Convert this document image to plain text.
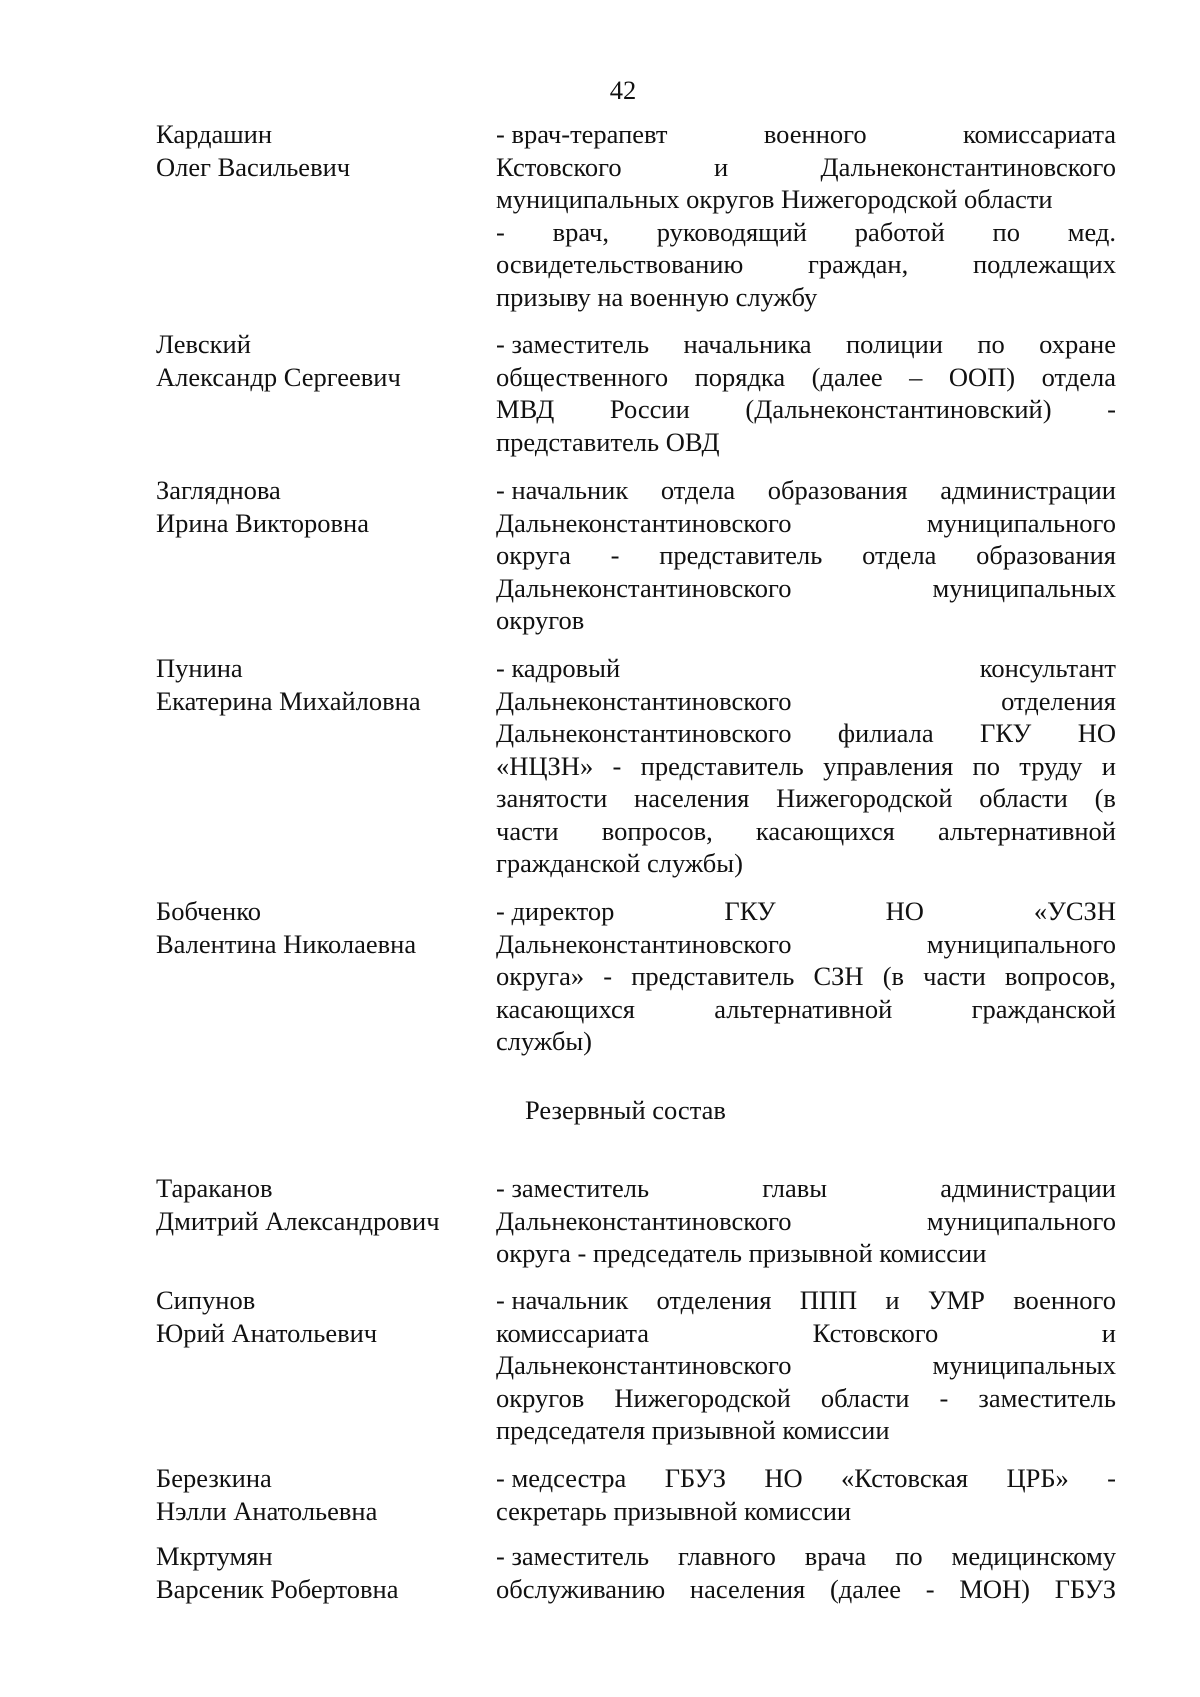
42
Кардашин
Олег Васильевич
- врач-терапевт	военного	комиссариата
Кстовского	и	Дальнеконстантиновского
муниципальных округов Нижегородской области
- врач, руководящий работой по мед.
освидетельствованию граждан, подлежащих
призыву на военную службу
Левский
Александр Сергеевич
- заместитель начальника полиции по охране
общественного порядка (далее – ООП) отдела
МВД России (Дальнеконстантиновский) -
представитель ОВД
Загляднова
Ирина Викторовна
- начальник отдела образования администрации
Дальнеконстантиновского	муниципального
округа - представитель отдела образования
Дальнеконстантиновского	муниципальных
округов
Пунина
Екатерина Михайловна
- кадровый	консультант
Дальнеконстантиновского	отделения
Дальнеконстантиновского филиала ГКУ НО
«НЦЗН» - представитель управления по труду и
занятости населения Нижегородской области (в
части вопросов, касающихся альтернативной
гражданской службы)
Бобченко
Валентина Николаевна
- директор	ГКУ	НО	«УСЗН
Дальнеконстантиновского	муниципального
округа» - представитель СЗН (в части вопросов,
касающихся	альтернативной	гражданской
службы)
Резервный состав
Тараканов
Дмитрий Александрович
- заместитель	главы	администрации
Дальнеконстантиновского	муниципального
округа - председатель призывной комиссии
Сипунов
Юрий Анатольевич
- начальник отделения ППП и УМР военного
комиссариата	Кстовского	и
Дальнеконстантиновского	муниципальных
округов Нижегородской области - заместитель
председателя призывной комиссии
Березкина
Нэлли Анатольевна
- медсестра ГБУЗ НО «Кстовская ЦРБ» -
секретарь призывной комиссии
Мкртумян
Варсеник Робертовна
- заместитель главного врача по медицинскому
обслуживанию населения (далее - МОН) ГБУЗ
